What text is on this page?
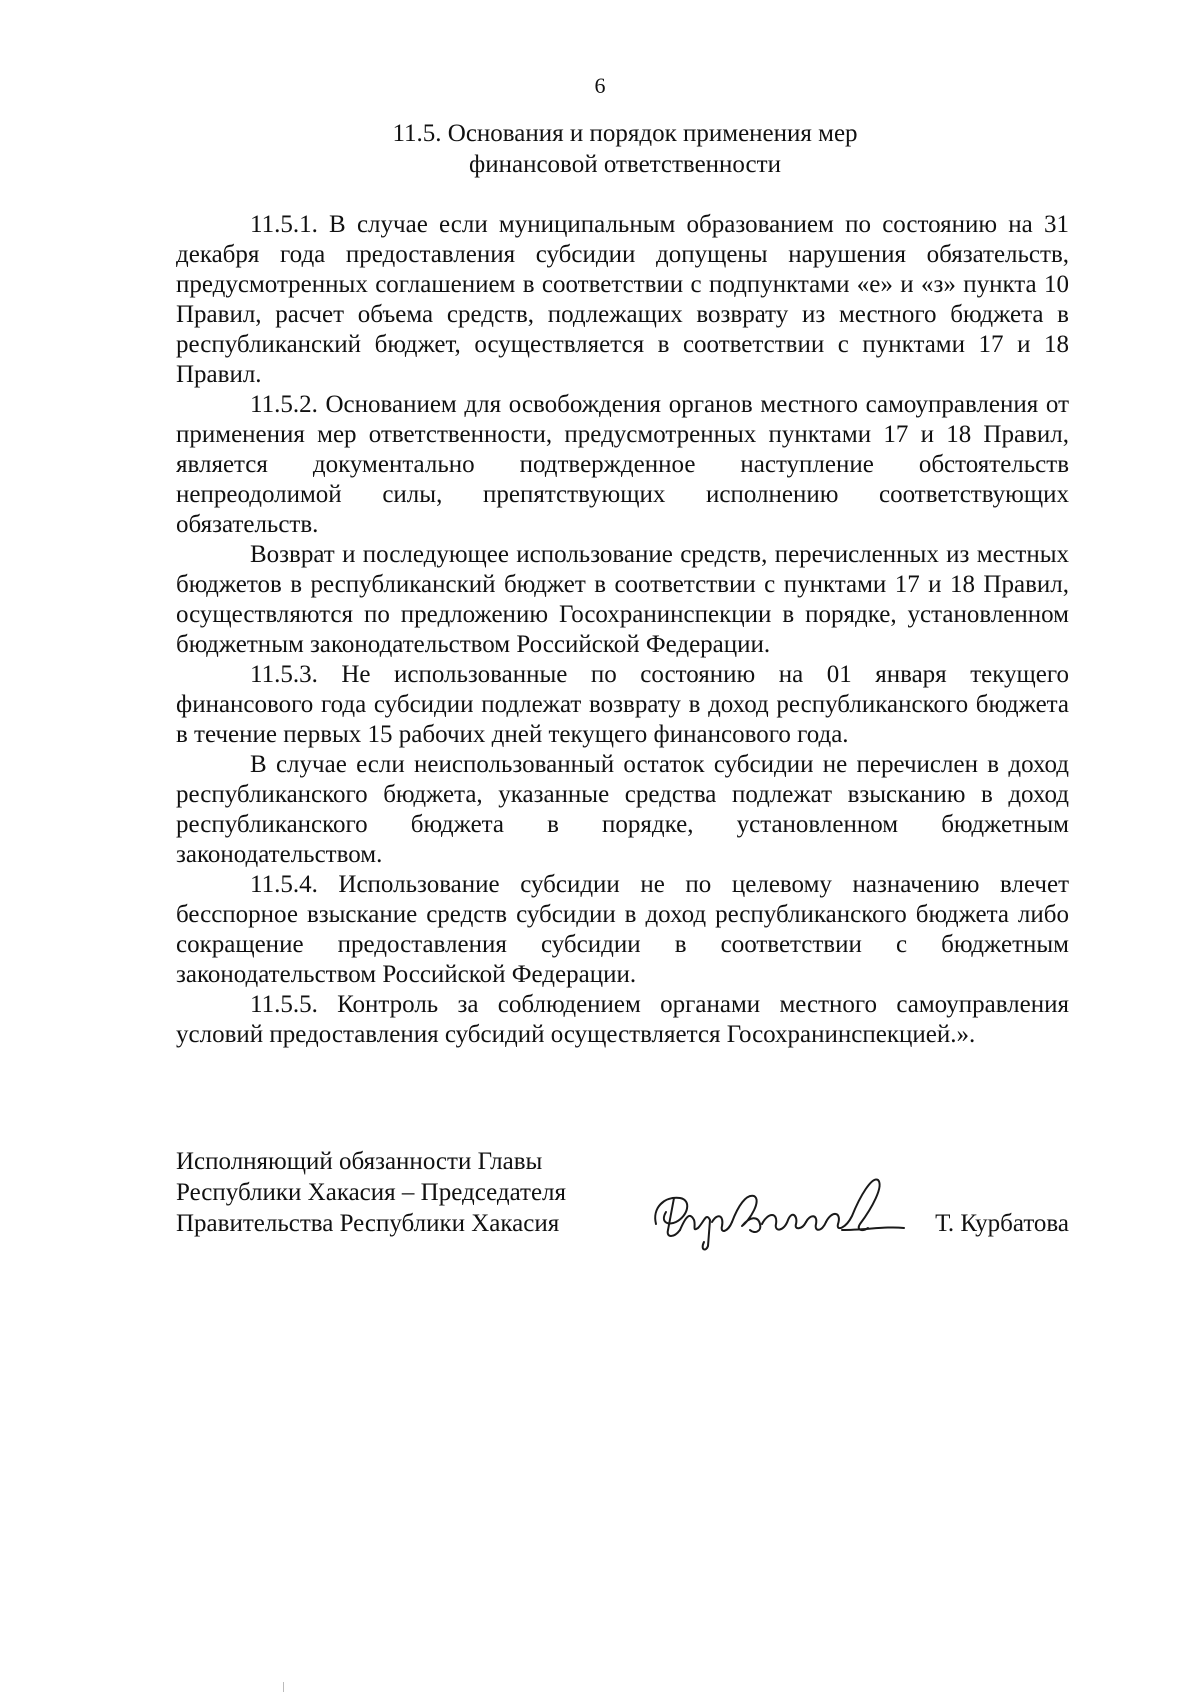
6
11.5. Основания и порядок применения мер
финансовой ответственности

11.5.1. В случае если муниципальным образованием по состоянию на 31 декабря года предоставления субсидии допущены нарушения обязательств, предусмотренных соглашением в соответствии с подпунктами «е» и «з» пункта 10 Правил, расчет объема средств, подлежащих возврату из местного бюджета в республиканский бюджет, осуществляется в соответствии с пунктами 17 и 18 Правил.

11.5.2. Основанием для освобождения органов местного самоуправления от применения мер ответственности, предусмотренных пунктами 17 и 18 Правил, является документально подтвержденное наступление обстоятельств непреодолимой силы, препятствующих исполнению соответствующих обязательств.

Возврат и последующее использование средств, перечисленных из местных бюджетов в республиканский бюджет в соответствии с пунктами 17 и 18 Правил, осуществляются по предложению Госохранинспекции в порядке, установленном бюджетным законодательством Российской Федерации.

11.5.3. Не использованные по состоянию на 01 января текущего финансового года субсидии подлежат возврату в доход республиканского бюджета в течение первых 15 рабочих дней текущего финансового года.

В случае если неиспользованный остаток субсидии не перечислен в доход республиканского бюджета, указанные средства подлежат взысканию в доход республиканского бюджета в порядке, установленном бюджетным законодательством.

11.5.4. Использование субсидии не по целевому назначению влечет бесспорное взыскание средств субсидии в доход республиканского бюджета либо сокращение предоставления субсидии в соответствии с бюджетным законодательством Российской Федерации.

11.5.5. Контроль за соблюдением органами местного самоуправления условий предоставления субсидий осуществляется Госохранинспекцией.».

Исполняющий обязанности Главы
Республики Хакасия – Председателя
Правительства Республики Хакасия	Т. Курбатова
